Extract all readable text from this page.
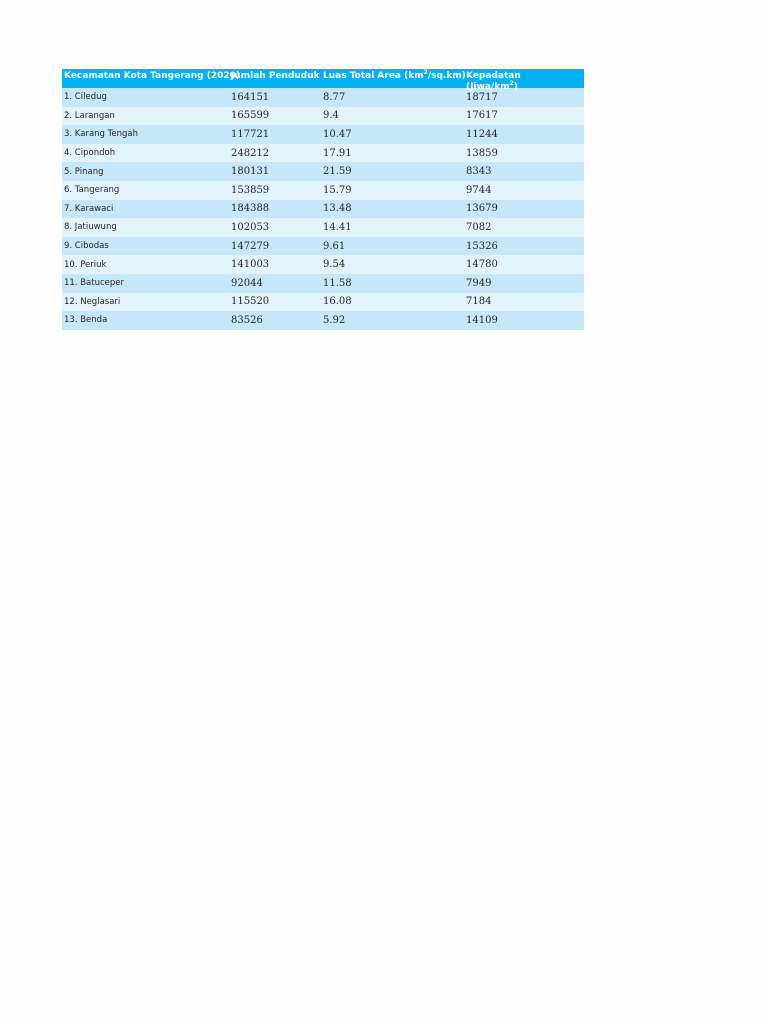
Kecamatan Kota Tangerang (2020)	Jumlah Penduduk	Luas Total Area $(km^2/sq.km)$	Kepadatan
$(Jiwa/km^2)$

1. Ciledug	164151	8.77	18717
2. Larangan	165599	9.4	17617
3. Karang Tengah	117721	10.47	11244
4. Cipondoh	248212	17.91	13859
5. Pinang	180131	21.59	8343
6. Tangerang	153859	15.79	9744
7. Karawaci	184388	13.48	13679
8. Jatiuwung	102053	14.41	7082
9. Cibodas	147279	9.61	15326
10. Periuk	141003	9.54	14780
11. Batuceper	92044	11.58	7949
12. Neglasari	115520	16.08	7184
13. Benda	83526	5.92	14109
